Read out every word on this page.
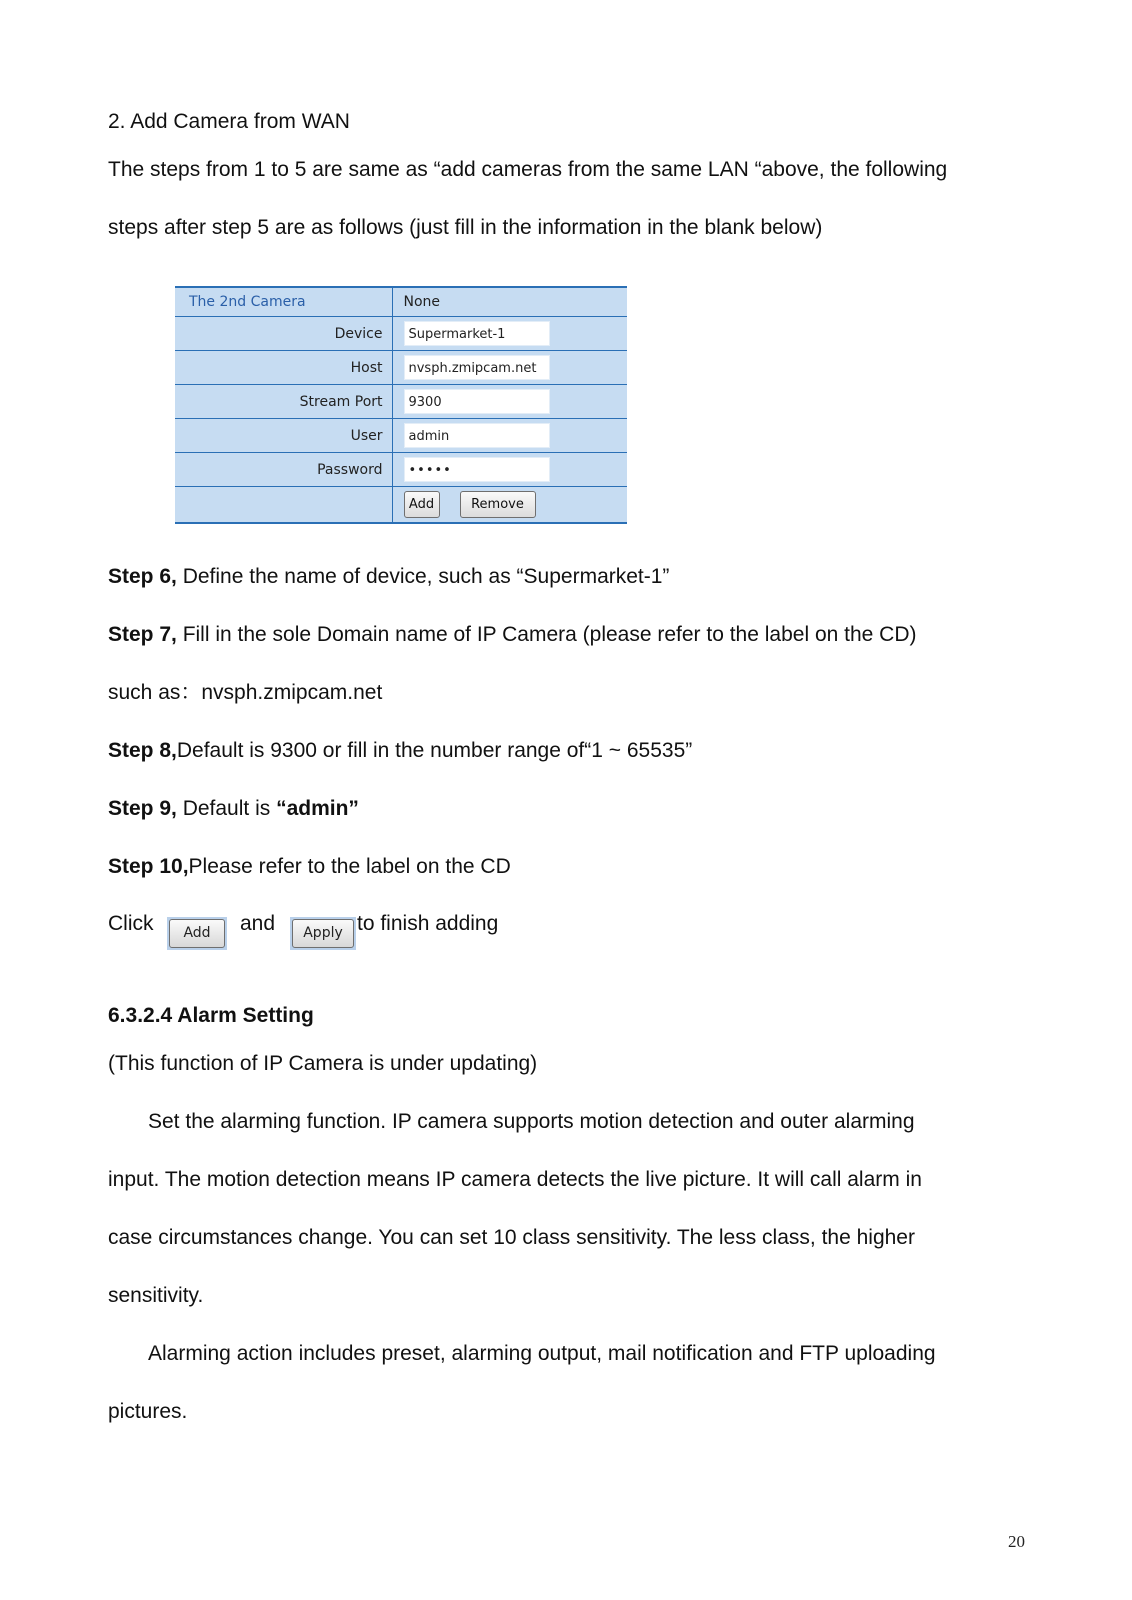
2. Add Camera from WAN

The steps from 1 to 5 are same as “add cameras from the same LAN “above, the following

steps after step 5 are as follows (just fill in the information in the blank below)

The 2nd Camera	None
Device	Supermarket-1
Host	nvsph.zmipcam.net
Stream Port	9300
User	admin
Password	•••••
	Add Remove

Step 6, Define the name of device, such as “Supermarket-1”

Step 7, Fill in the sole Domain name of IP Camera (please refer to the label on the CD)

such as：nvsph.zmipcam.net

Step 8,Default is 9300 or fill in the number range of“1 ~ 65535”

Step 9, Default is “admin”

Step 10,Please refer to the label on the CD

Click	Add	and	Apply to finish adding

6.3.2.4 Alarm Setting

(This function of IP Camera is under updating)

Set the alarming function. IP camera supports motion detection and outer alarming

input. The motion detection means IP camera detects the live picture. It will call alarm in

case circumstances change. You can set 10 class sensitivity. The less class, the higher

sensitivity.

Alarming action includes preset, alarming output, mail notification and FTP uploading

pictures.

20
